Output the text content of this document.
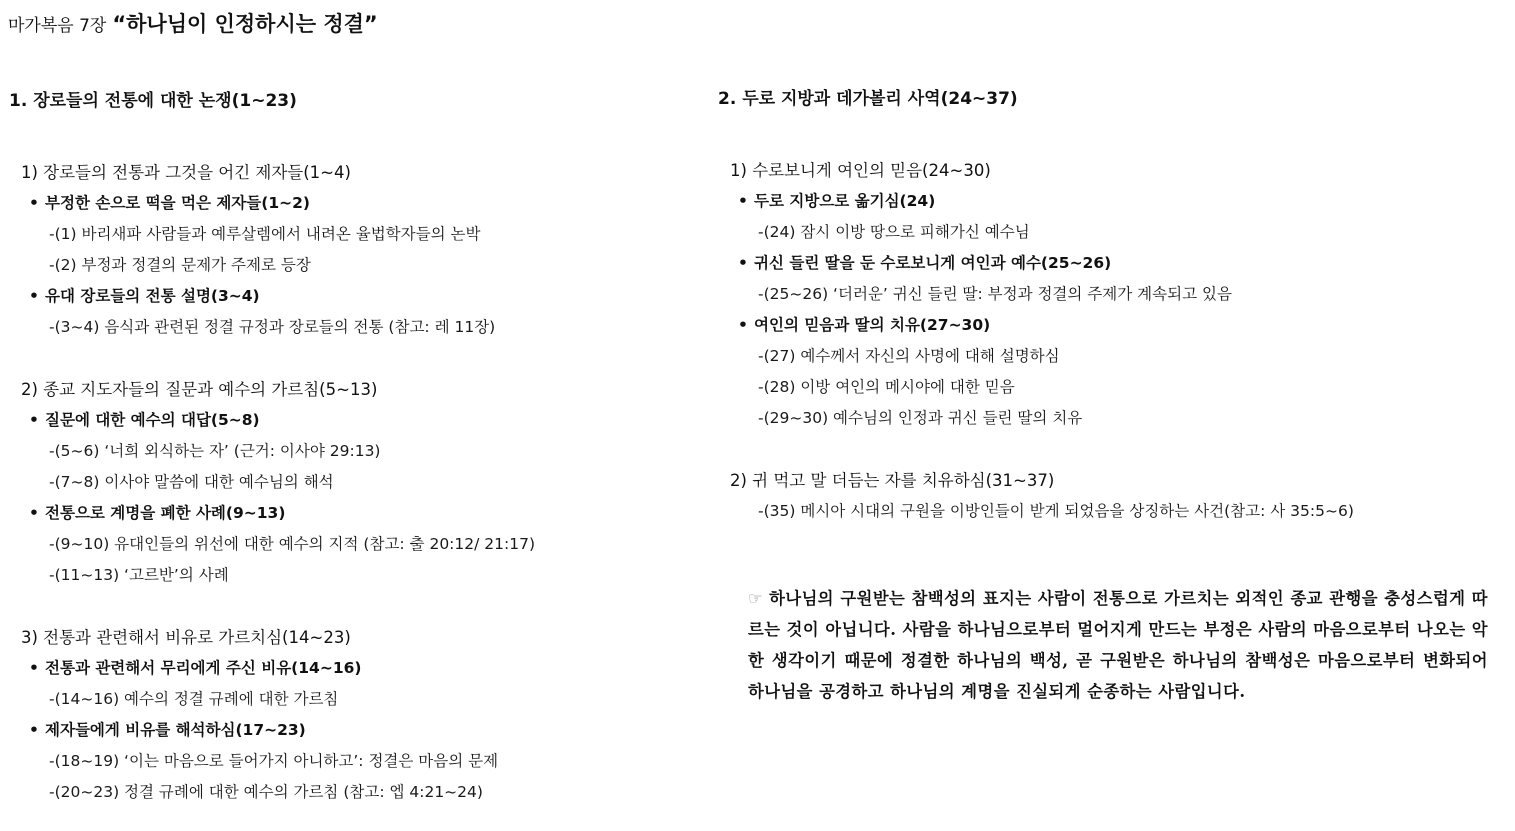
마가복음 7장 “하나님이 인정하시는 정결”
1. 장로들의 전통에 대한 논쟁(1~23)
1) 장로들의 전통과 그것을 어긴 제자들(1~4)
• 부정한 손으로 떡을 먹은 제자들(1~2)
-(1) 바리새파 사람들과 예루살렘에서 내려온 율법학자들의 논박
-(2) 부정과 정결의 문제가 주제로 등장
• 유대 장로들의 전통 설명(3~4)
-(3~4) 음식과 관련된 정결 규정과 장로들의 전통 (참고: 레 11장)
2) 종교 지도자들의 질문과 예수의 가르침(5~13)
• 질문에 대한 예수의 대답(5~8)
-(5~6) ‘너희 외식하는 자’ (근거: 이사야 29:13)
-(7~8) 이사야 말씀에 대한 예수님의 해석
• 전통으로 계명을 폐한 사례(9~13)
-(9~10) 유대인들의 위선에 대한 예수의 지적 (참고: 출 20:12/ 21:17)
-(11~13) ‘고르반’의 사례
3) 전통과 관련해서 비유로 가르치심(14~23)
• 전통과 관련해서 무리에게 주신 비유(14~16)
-(14~16) 예수의 정결 규례에 대한 가르침
• 제자들에게 비유를 해석하심(17~23)
-(18~19) ‘이는 마음으로 들어가지 아니하고’: 정결은 마음의 문제
-(20~23) 정결 규례에 대한 예수의 가르침 (참고: 엡 4:21~24)
2. 두로 지방과 데가볼리 사역(24~37)
1) 수로보니게 여인의 믿음(24~30)
• 두로 지방으로 옮기심(24)
-(24) 잠시 이방 땅으로 피해가신 예수님
• 귀신 들린 딸을 둔 수로보니게 여인과 예수(25~26)
-(25~26) ‘더러운’ 귀신 들린 딸: 부정과 정결의 주제가 계속되고 있음
• 여인의 믿음과 딸의 치유(27~30)
-(27) 예수께서 자신의 사명에 대해 설명하심
-(28) 이방 여인의 메시야에 대한 믿음
-(29~30) 예수님의 인정과 귀신 들린 딸의 치유
2) 귀 먹고 말 더듬는 자를 치유하심(31~37)
-(35) 메시아 시대의 구원을 이방인들이 받게 되었음을 상징하는 사건(참고: 사 35:5~6)
☞ 하나님의 구원받는 참백성의 표지는 사람이 전통으로 가르치는 외적인 종교 관행을 충성스럽게 따르는 것이 아닙니다. 사람을 하나님으로부터 멀어지게 만드는 부정은 사람의 마음으로부터 나오는 악한 생각이기 때문에 정결한 하나님의 백성, 곧 구원받은 하나님의 참백성은 마음으로부터 변화되어 하나님을 공경하고 하나님의 계명을 진실되게 순종하는 사람입니다.
